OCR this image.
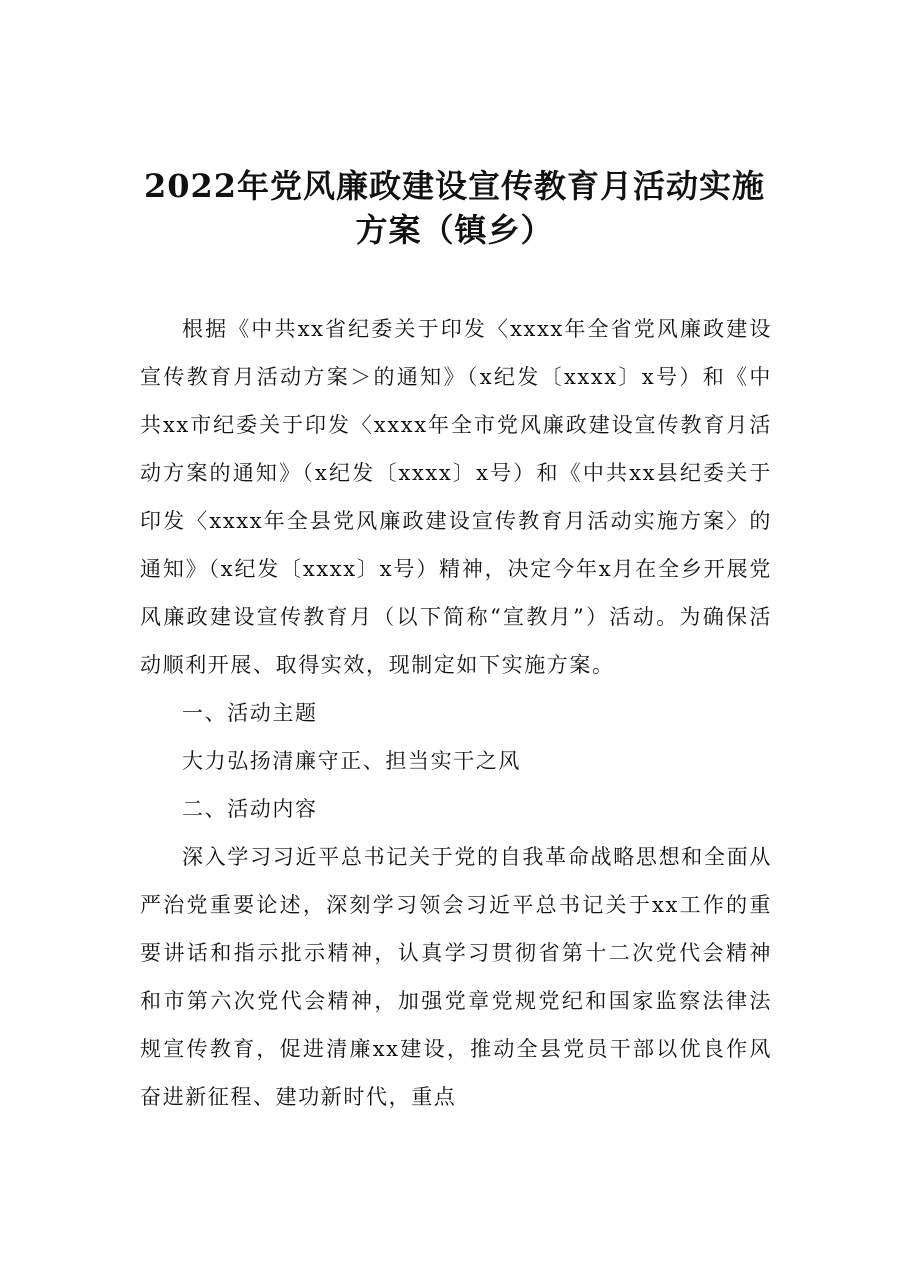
2022年党风廉政建设宣传教育月活动实施
方案（镇乡）

根据《中共xx省纪委关于印发〈xxxx年全省党风廉政建设宣传教育月活动方案＞的通知》（x纪发〔xxxx〕x号）和《中共xx市纪委关于印发〈xxxx年全市党风廉政建设宣传教育月活动方案的通知》（x纪发〔xxxx〕x号）和《中共xx县纪委关于印发〈xxxx年全县党风廉政建设宣传教育月活动实施方案〉的通知》（x纪发〔xxxx〕x号）精神，决定今年x月在全乡开展党风廉政建设宣传教育月（以下简称“宣教月”）活动。为确保活动顺利开展、取得实效，现制定如下实施方案。

一、活动主题

大力弘扬清廉守正、担当实干之风

二、活动内容

深入学习习近平总书记关于党的自我革命战略思想和全面从严治党重要论述，深刻学习领会习近平总书记关于xx工作的重要讲话和指示批示精神，认真学习贯彻省第十二次党代会精神和市第六次党代会精神，加强党章党规党纪和国家监察法律法规宣传教育，促进清廉xx建设，推动全县党员干部以优良作风奋进新征程、建功新时代，重点
